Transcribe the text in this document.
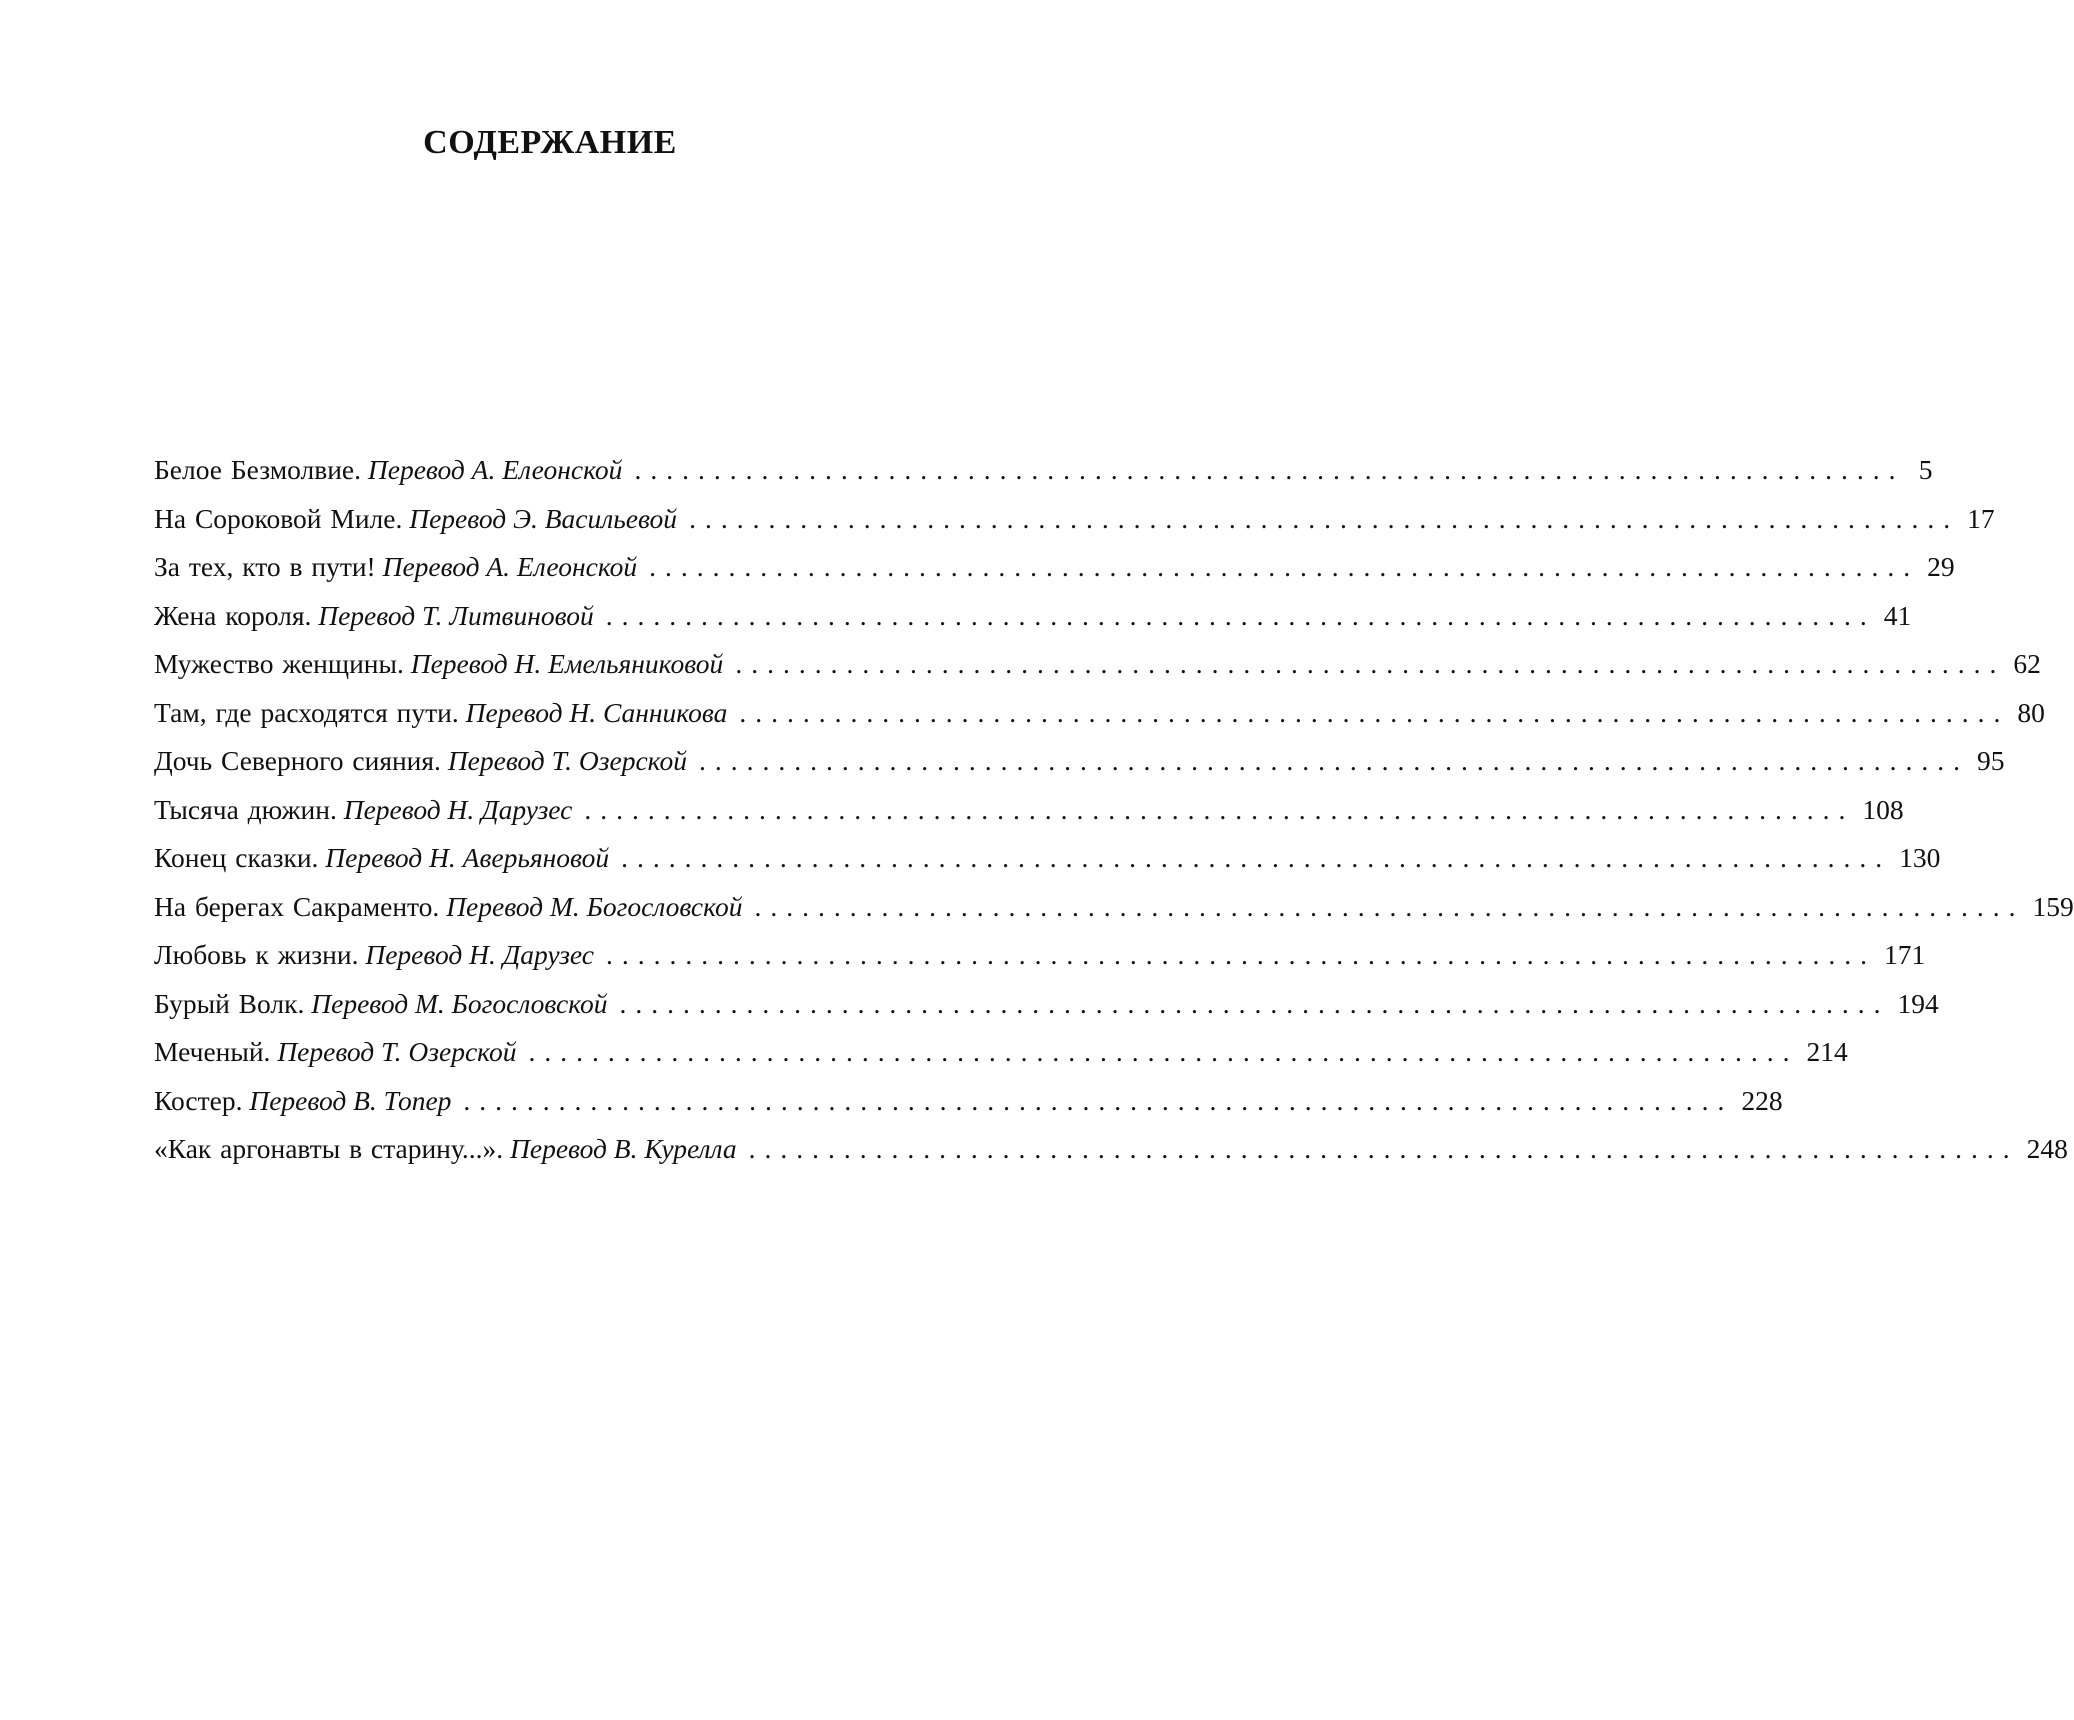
СОДЕРЖАНИЕ
Белое Безмолвие. Перевод А. Елеонской ................................................................................ 5
На Сороковой Миле. Перевод Э. Васильевой ................................................................................ 17
За тех, кто в пути! Перевод А. Елеонской ................................................................................ 29
Жена короля. Перевод Т. Литвиновой ................................................................................ 41
Мужество женщины. Перевод Н. Емельяниковой ................................................................................ 62
Там, где расходятся пути. Перевод Н. Санникова ................................................................................ 80
Дочь Северного сияния. Перевод Т. Озерской ................................................................................ 95
Тысяча дюжин. Перевод Н. Дарузес ................................................................................ 108
Конец сказки. Перевод Н. Аверьяновой ................................................................................ 130
На берегах Сакраменто. Перевод М. Богословской ................................................................................ 159
Любовь к жизни. Перевод Н. Дарузес ................................................................................ 171
Бурый Волк. Перевод М. Богословской ................................................................................ 194
Меченый. Перевод Т. Озерской ................................................................................ 214
Костер. Перевод В. Топер ................................................................................ 228
«Как аргонавты в старину...». Перевод В. Курелла ................................................................................ 248
